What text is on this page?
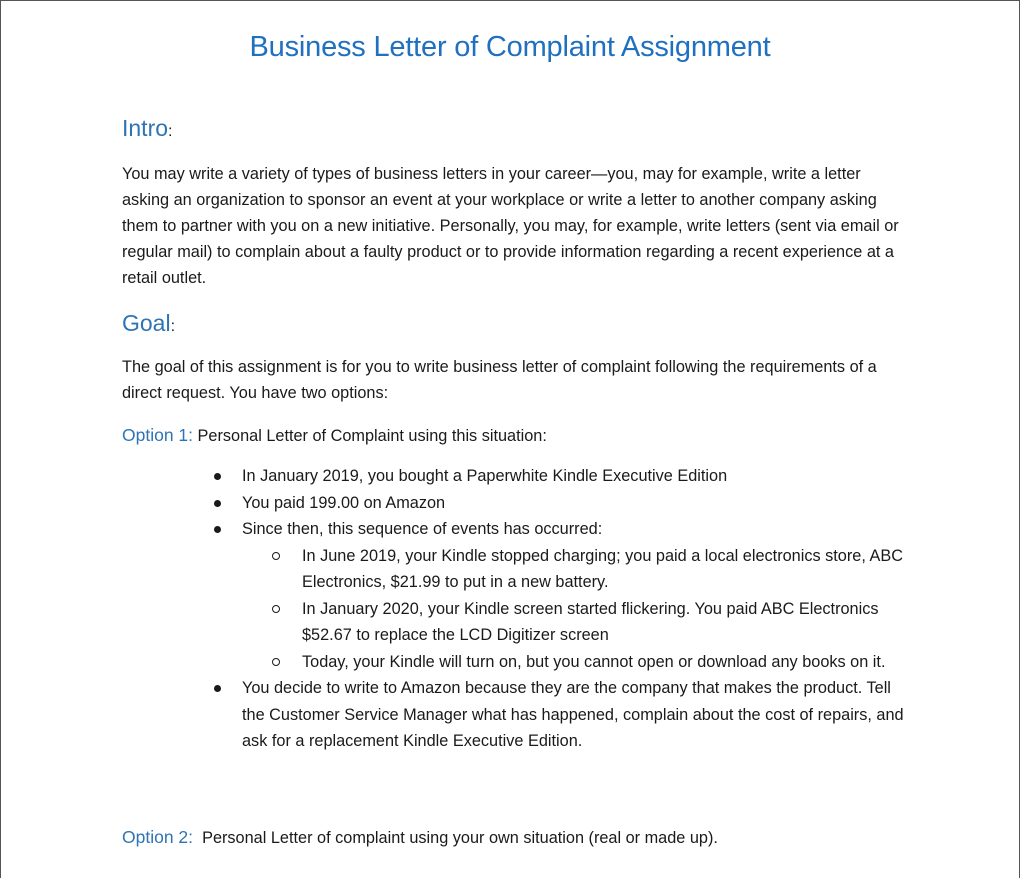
Business Letter of Complaint Assignment
Intro:
You may write a variety of types of business letters in your career—you, may for example, write a letter asking an organization to sponsor an event at your workplace or write a letter to another company asking them to partner with you on a new initiative. Personally, you may, for example, write letters (sent via email or regular mail) to complain about a faulty product or to provide information regarding a recent experience at a retail outlet.
Goal:
The goal of this assignment is for you to write business letter of complaint following the requirements of a direct request. You have two options:
Option 1: Personal Letter of Complaint using this situation:
In January 2019, you bought a Paperwhite Kindle Executive Edition
You paid 199.00 on Amazon
Since then, this sequence of events has occurred:
In June 2019, your Kindle stopped charging; you paid a local electronics store, ABC Electronics, $21.99 to put in a new battery.
In January 2020, your Kindle screen started flickering. You paid ABC Electronics $52.67 to replace the LCD Digitizer screen
Today, your Kindle will turn on, but you cannot open or download any books on it.
You decide to write to Amazon because they are the company that makes the product. Tell the Customer Service Manager what has happened, complain about the cost of repairs, and ask for a replacement Kindle Executive Edition.
Option 2:  Personal Letter of complaint using your own situation (real or made up).
